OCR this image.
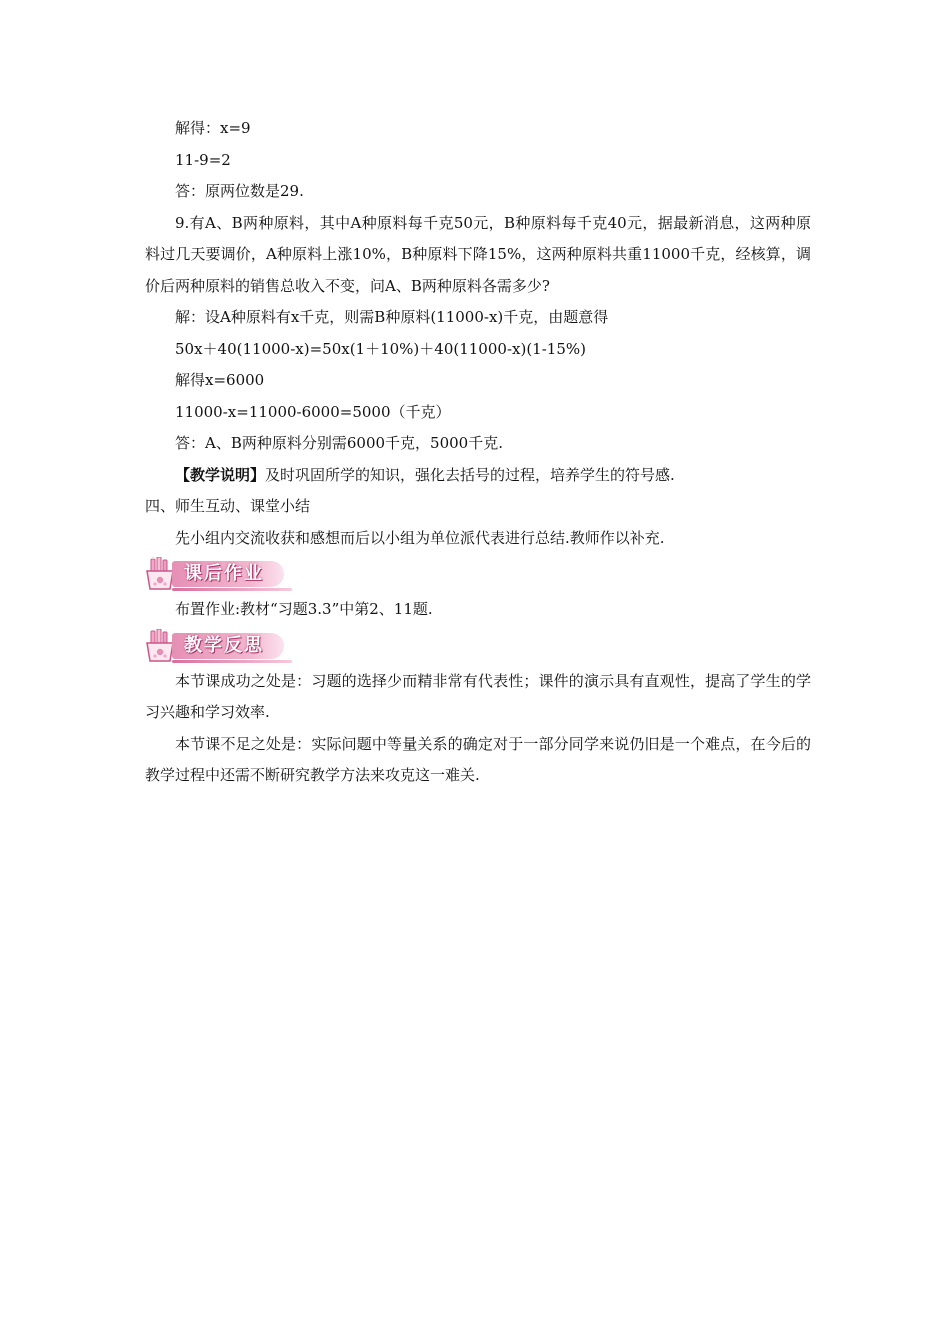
解得：x=9

11-9=2

答：原两位数是29.

9.有A、B两种原料，其中A种原料每千克50元，B种原料每千克40元，据最新消息，这两种原料过几天要调价，A种原料上涨10%，B种原料下降15%，这两种原料共重11000千克，经核算，调价后两种原料的销售总收入不变，问A、B两种原料各需多少?

解：设A种原料有x千克，则需B种原料(11000-x)千克，由题意得

50x＋40(11000-x)=50x(1＋10%)＋40(11000-x)(1-15%)

解得x=6000

11000-x=11000-6000=5000（千克）

答：A、B两种原料分别需6000千克，5000千克.

【教学说明】及时巩固所学的知识，强化去括号的过程，培养学生的符号感.

四、师生互动、课堂小结

先小组内交流收获和感想而后以小组为单位派代表进行总结.教师作以补充.

课后作业

布置作业:教材“习题3.3”中第2、11题.

教学反思

本节课成功之处是：习题的选择少而精非常有代表性；课件的演示具有直观性，提高了学生的学习兴趣和学习效率.

本节课不足之处是：实际问题中等量关系的确定对于一部分同学来说仍旧是一个难点，在今后的教学过程中还需不断研究教学方法来攻克这一难关.
